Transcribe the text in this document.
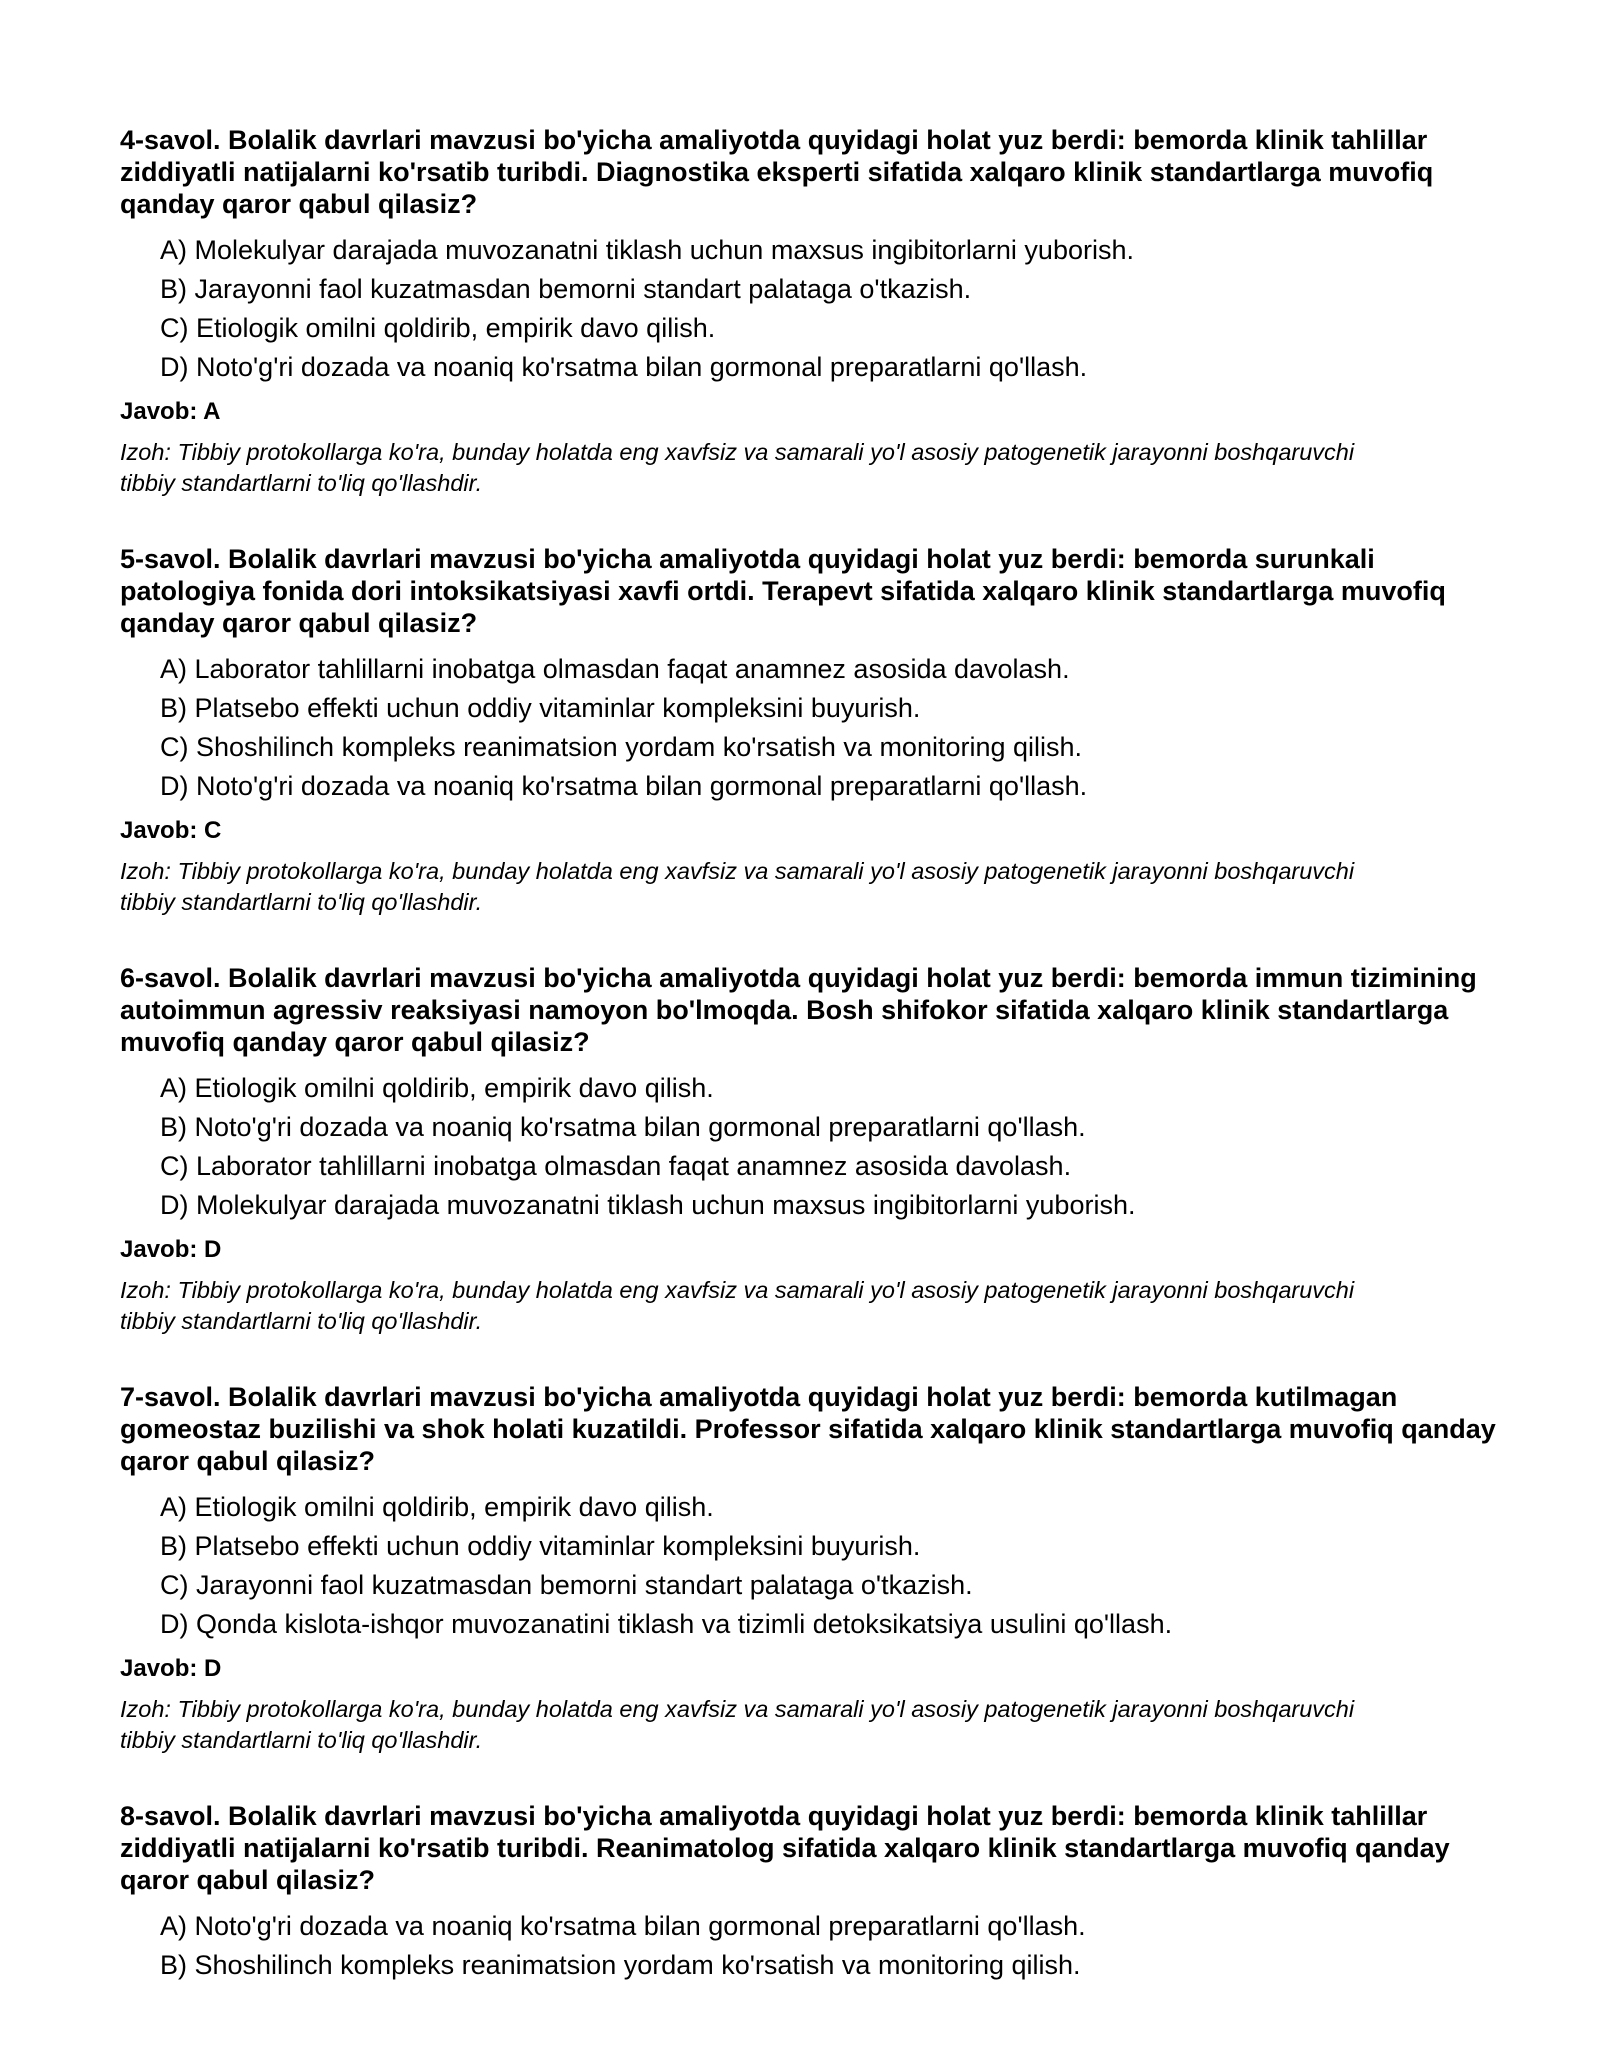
4-savol. Bolalik davrlari mavzusi bo'yicha amaliyotda quyidagi holat yuz berdi: bemorda klinik tahlillar ziddiyatli natijalarni ko'rsatib turibdi. Diagnostika eksperti sifatida xalqaro klinik standartlarga muvofiq qanday qaror qabul qilasiz?

A) Molekulyar darajada muvozanatni tiklash uchun maxsus ingibitorlarni yuborish.
B) Jarayonni faol kuzatmasdan bemorni standart palataga o'tkazish.
C) Etiologik omilni qoldirib, empirik davo qilish.
D) Noto'g'ri dozada va noaniq ko'rsatma bilan gormonal preparatlarni qo'llash.

Javob: A

Izoh: Tibbiy protokollarga ko'ra, bunday holatda eng xavfsiz va samarali yo'l asosiy patogenetik jarayonni boshqaruvchi tibbiy standartlarni to'liq qo'llashdir.

5-savol. Bolalik davrlari mavzusi bo'yicha amaliyotda quyidagi holat yuz berdi: bemorda surunkali patologiya fonida dori intoksikatsiyasi xavfi ortdi. Terapevt sifatida xalqaro klinik standartlarga muvofiq qanday qaror qabul qilasiz?

A) Laborator tahlillarni inobatga olmasdan faqat anamnez asosida davolash.
B) Platsebo effekti uchun oddiy vitaminlar kompleksini buyurish.
C) Shoshilinch kompleks reanimatsion yordam ko'rsatish va monitoring qilish.
D) Noto'g'ri dozada va noaniq ko'rsatma bilan gormonal preparatlarni qo'llash.

Javob: C

Izoh: Tibbiy protokollarga ko'ra, bunday holatda eng xavfsiz va samarali yo'l asosiy patogenetik jarayonni boshqaruvchi tibbiy standartlarni to'liq qo'llashdir.

6-savol. Bolalik davrlari mavzusi bo'yicha amaliyotda quyidagi holat yuz berdi: bemorda immun tizimining autoimmun agressiv reaksiyasi namoyon bo'lmoqda. Bosh shifokor sifatida xalqaro klinik standartlarga muvofiq qanday qaror qabul qilasiz?

A) Etiologik omilni qoldirib, empirik davo qilish.
B) Noto'g'ri dozada va noaniq ko'rsatma bilan gormonal preparatlarni qo'llash.
C) Laborator tahlillarni inobatga olmasdan faqat anamnez asosida davolash.
D) Molekulyar darajada muvozanatni tiklash uchun maxsus ingibitorlarni yuborish.

Javob: D

Izoh: Tibbiy protokollarga ko'ra, bunday holatda eng xavfsiz va samarali yo'l asosiy patogenetik jarayonni boshqaruvchi tibbiy standartlarni to'liq qo'llashdir.

7-savol. Bolalik davrlari mavzusi bo'yicha amaliyotda quyidagi holat yuz berdi: bemorda kutilmagan gomeostaz buzilishi va shok holati kuzatildi. Professor sifatida xalqaro klinik standartlarga muvofiq qanday qaror qabul qilasiz?

A) Etiologik omilni qoldirib, empirik davo qilish.
B) Platsebo effekti uchun oddiy vitaminlar kompleksini buyurish.
C) Jarayonni faol kuzatmasdan bemorni standart palataga o'tkazish.
D) Qonda kislota-ishqor muvozanatini tiklash va tizimli detoksikatsiya usulini qo'llash.

Javob: D

Izoh: Tibbiy protokollarga ko'ra, bunday holatda eng xavfsiz va samarali yo'l asosiy patogenetik jarayonni boshqaruvchi tibbiy standartlarni to'liq qo'llashdir.

8-savol. Bolalik davrlari mavzusi bo'yicha amaliyotda quyidagi holat yuz berdi: bemorda klinik tahlillar ziddiyatli natijalarni ko'rsatib turibdi. Reanimatolog sifatida xalqaro klinik standartlarga muvofiq qanday qaror qabul qilasiz?

A) Noto'g'ri dozada va noaniq ko'rsatma bilan gormonal preparatlarni qo'llash.
B) Shoshilinch kompleks reanimatsion yordam ko'rsatish va monitoring qilish.
